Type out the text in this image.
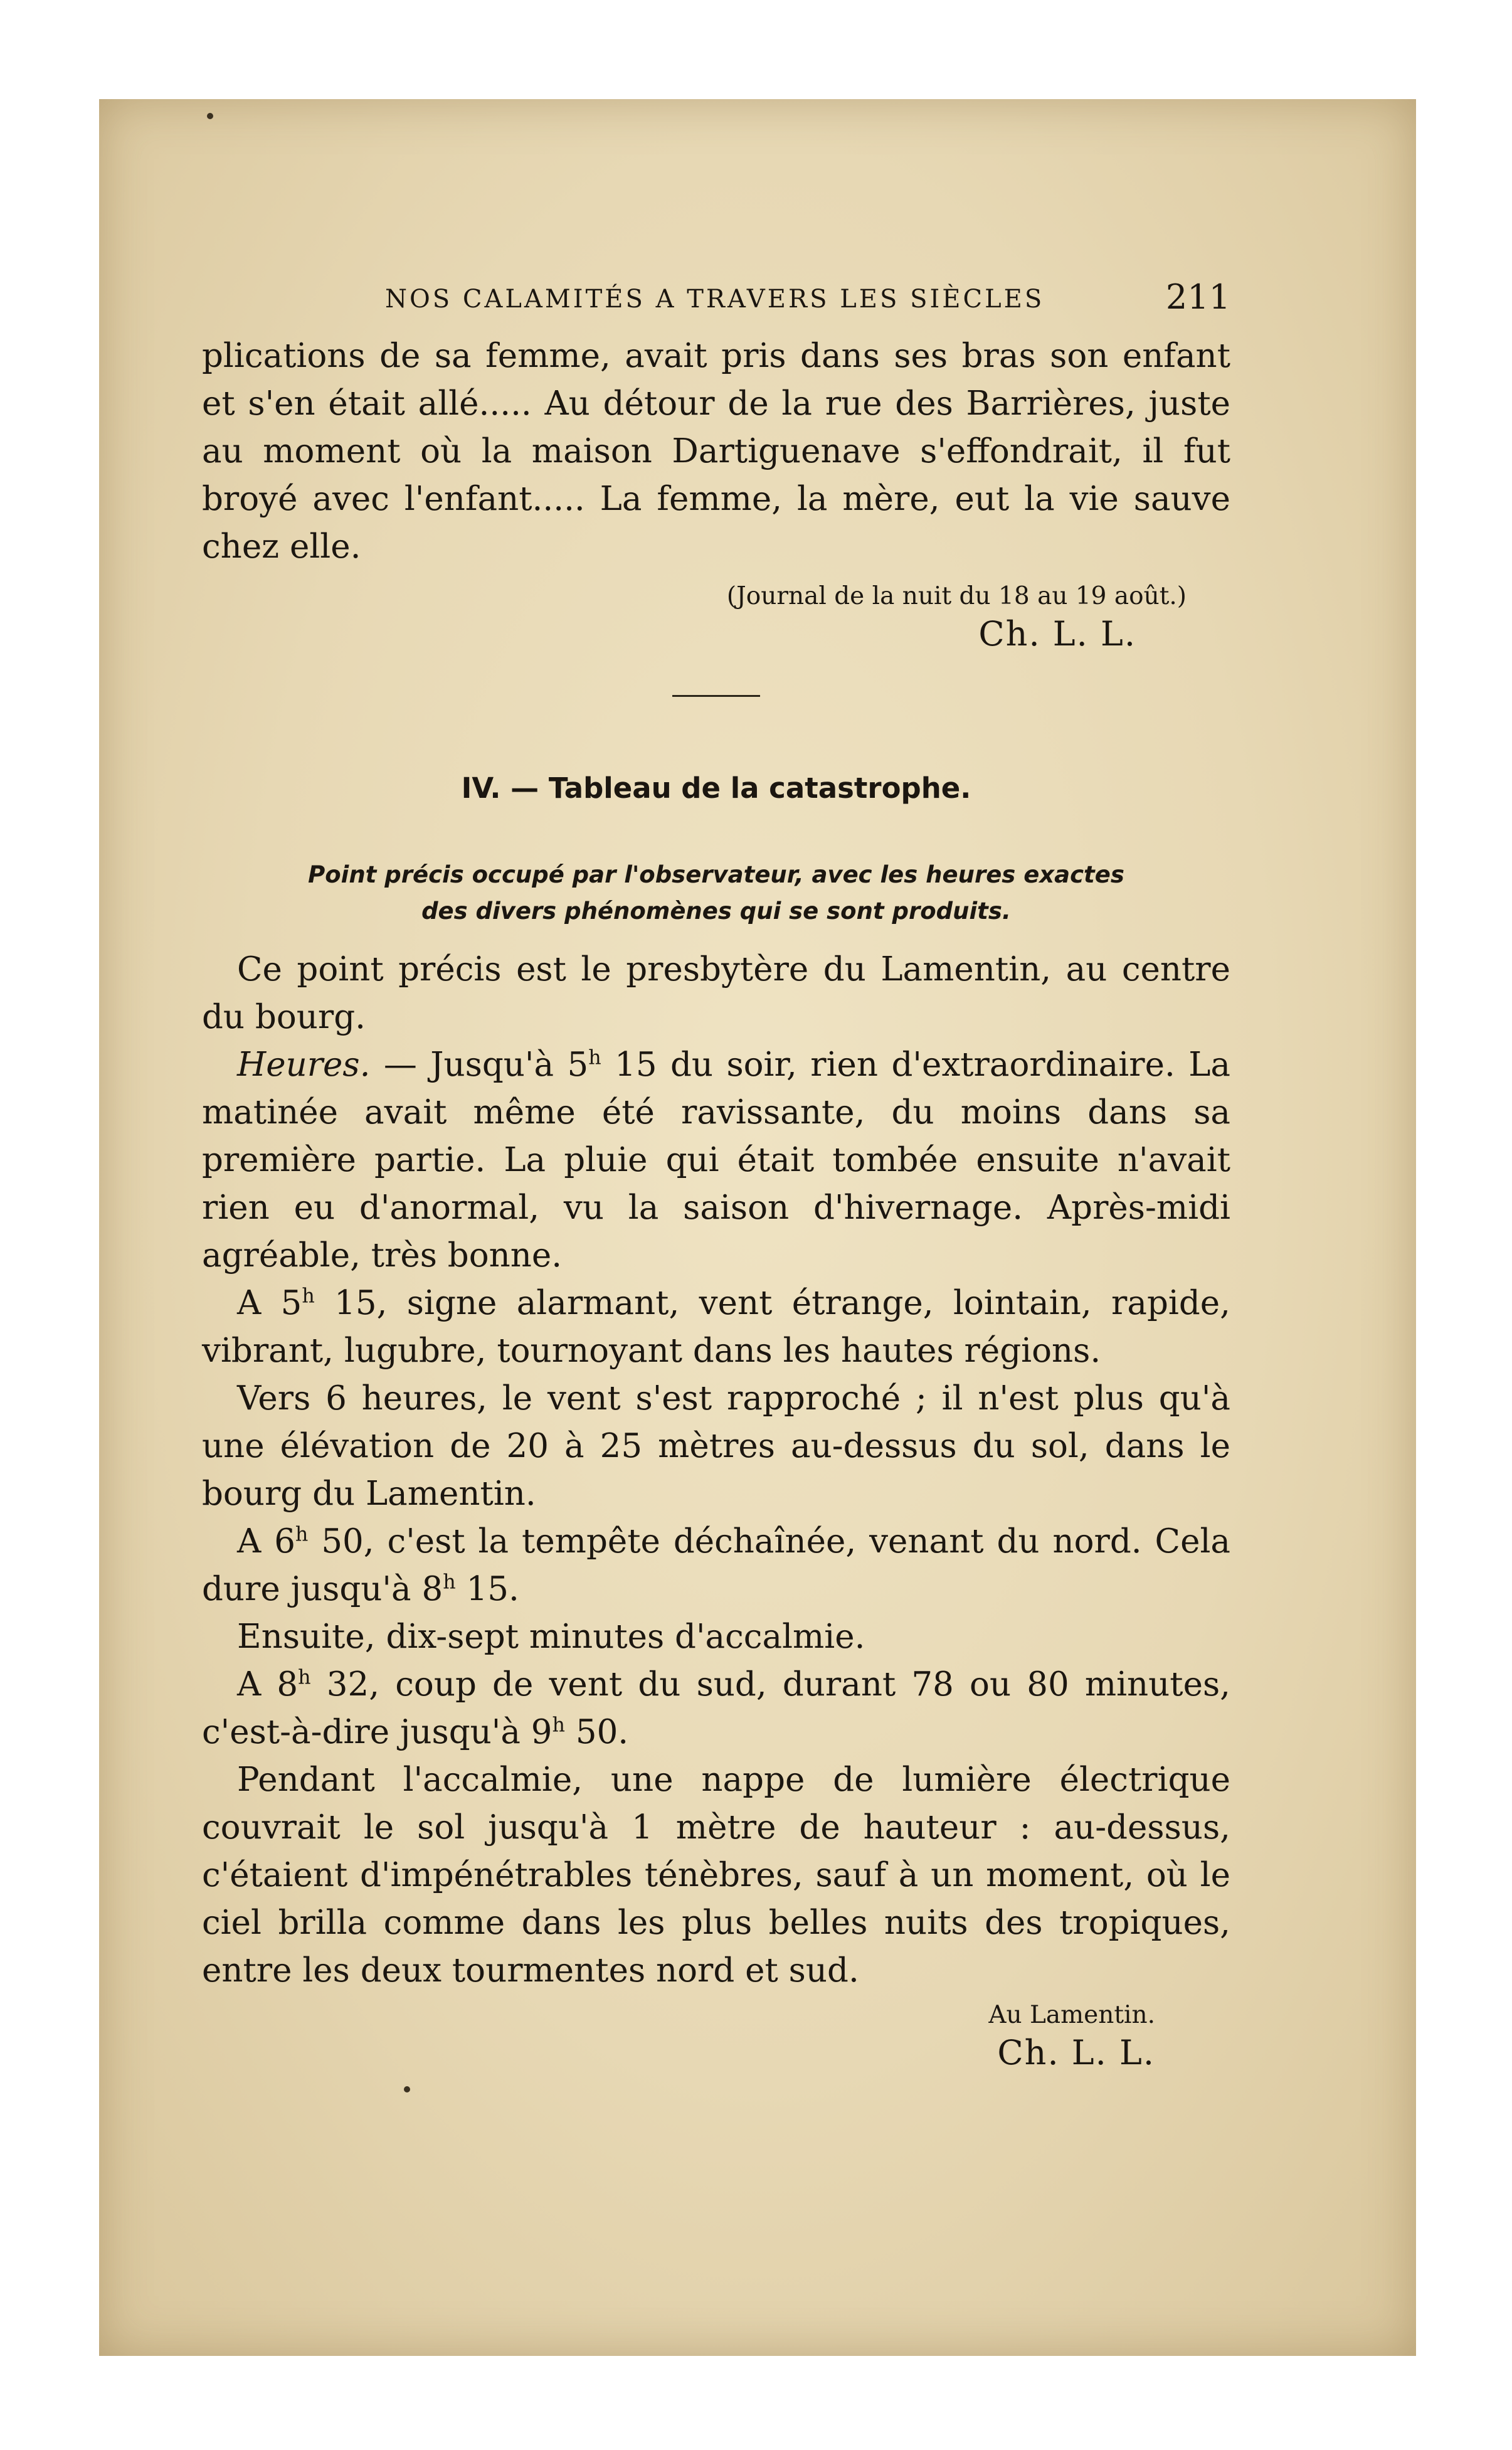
NOS CALAMITÉS A TRAVERS LES SIÈCLES	211

plications de sa femme, avait pris dans ses bras son enfant et s'en était allé..... Au détour de la rue des Barrières, juste au moment où la maison Dartiguenave s'effondrait, il fut broyé avec l'enfant..... La femme, la mère, eut la vie sauve chez elle.

(Journal de la nuit du 18 au 19 août.)

Ch. L. L.

IV. — Tableau de la catastrophe.
Point précis occupé par l'observateur, avec les heures exactes
des divers phénomènes qui se sont produits.

Ce point précis est le presbytère du Lamentin, au centre du bourg.

Heures. — Jusqu'à 5$^h$ 15 du soir, rien d'extraordinaire. La matinée avait même été ravissante, du moins dans sa première partie. La pluie qui était tombée ensuite n'avait rien eu d'anormal, vu la saison d'hivernage. Après-midi agréable, très bonne.

A 5$^h$ 15, signe alarmant, vent étrange, lointain, rapide, vibrant, lugubre, tournoyant dans les hautes régions.

Vers 6 heures, le vent s'est rapproché ; il n'est plus qu'à une élévation de 20 à 25 mètres au-dessus du sol, dans le bourg du Lamentin.

A 6$^h$ 50, c'est la tempête déchaînée, venant du nord. Cela dure jusqu'à 8$^h$ 15.

Ensuite, dix-sept minutes d'accalmie.

A 8$^h$ 32, coup de vent du sud, durant 78 ou 80 minutes, c'est-à-dire jusqu'à 9$^h$ 50.

Pendant l'accalmie, une nappe de lumière électrique couvrait le sol jusqu'à 1 mètre de hauteur : au-dessus, c'étaient d'impénétrables ténèbres, sauf à un moment, où le ciel brilla comme dans les plus belles nuits des tropiques, entre les deux tourmentes nord et sud.

Au Lamentin.

Ch. L. L.
